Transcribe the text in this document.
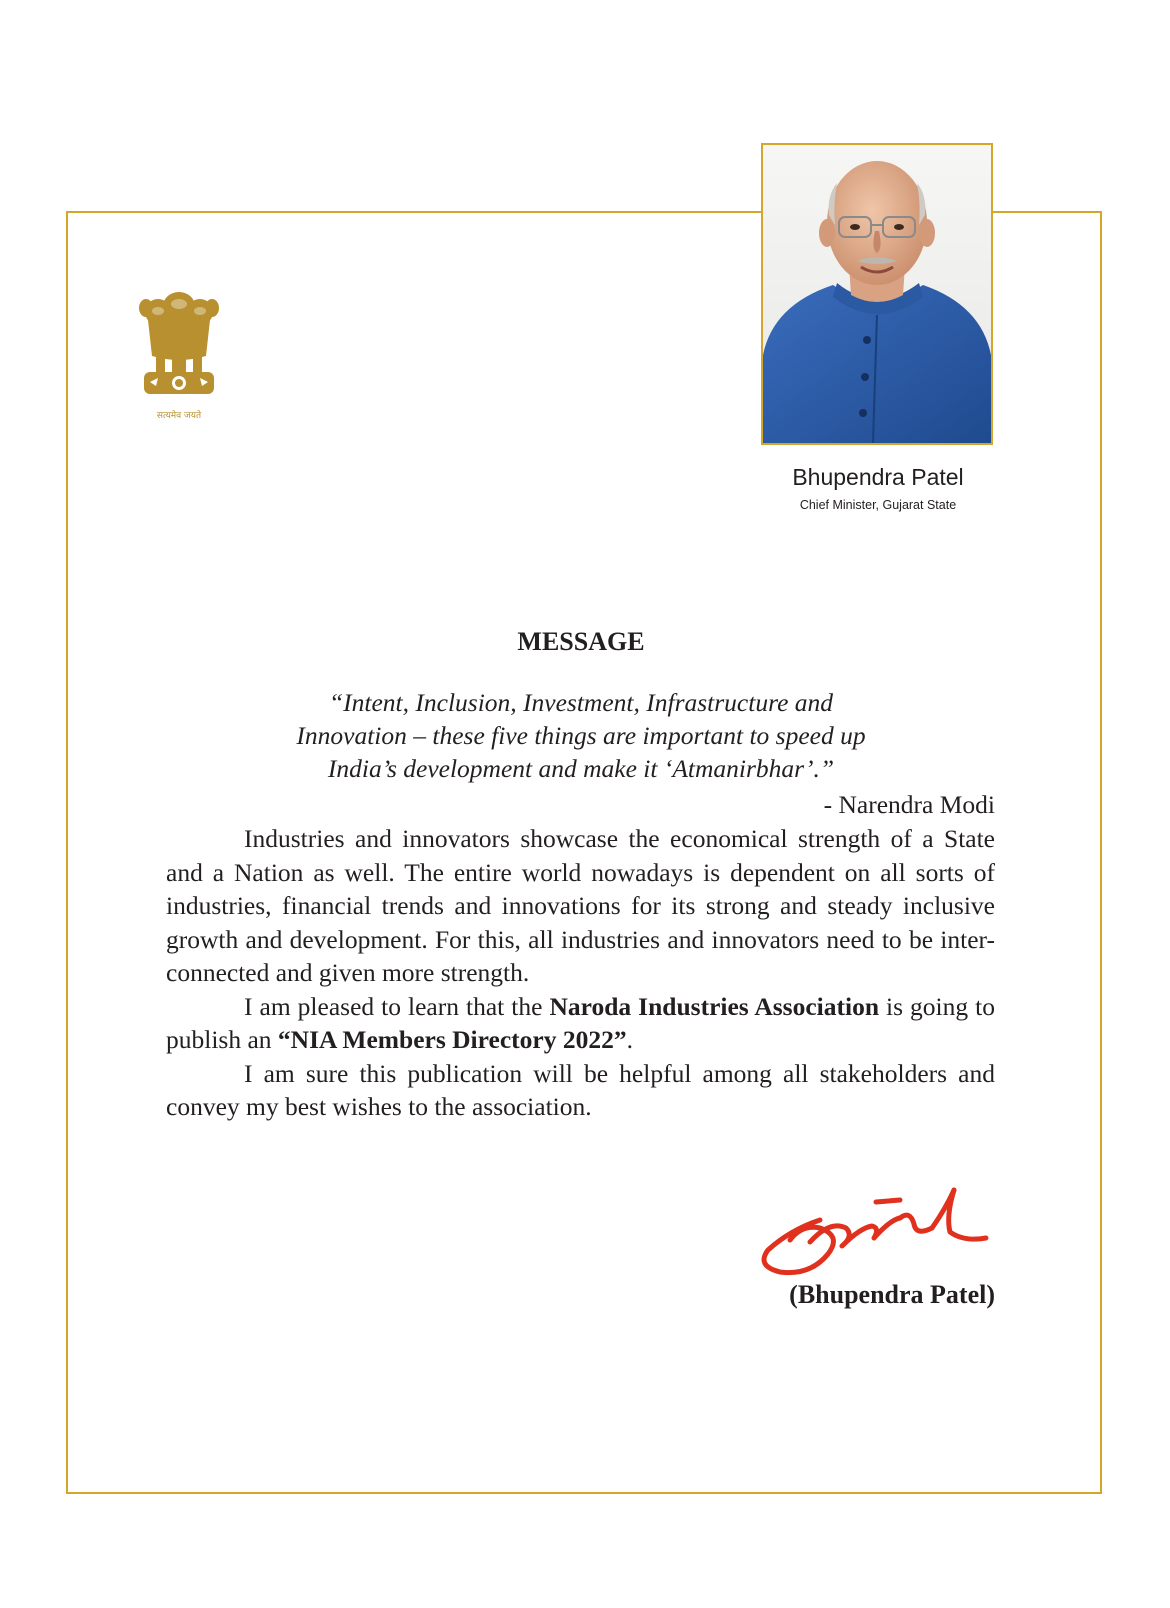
सत्यमेव जयते
Bhupendra Patel
Chief Minister, Gujarat State
MESSAGE
“Intent, Inclusion, Investment, Infrastructure and
Innovation – these five things are important to speed up
India’s development and make it ‘Atmanirbhar’.”
- Narendra Modi

Industries and innovators showcase the economical strength of a State and a Nation as well. The entire world nowadays is dependent on all sorts of industries, financial trends and innovations for its strong and steady inclusive growth and development. For this, all industries and innovators need to be inter-connected and given more strength.

I am pleased to learn that the Naroda Industries Association is going to publish an “NIA Members Directory 2022”.

I am sure this publication will be helpful among all stakeholders and convey my best wishes to the association.

(Bhupendra Patel)
